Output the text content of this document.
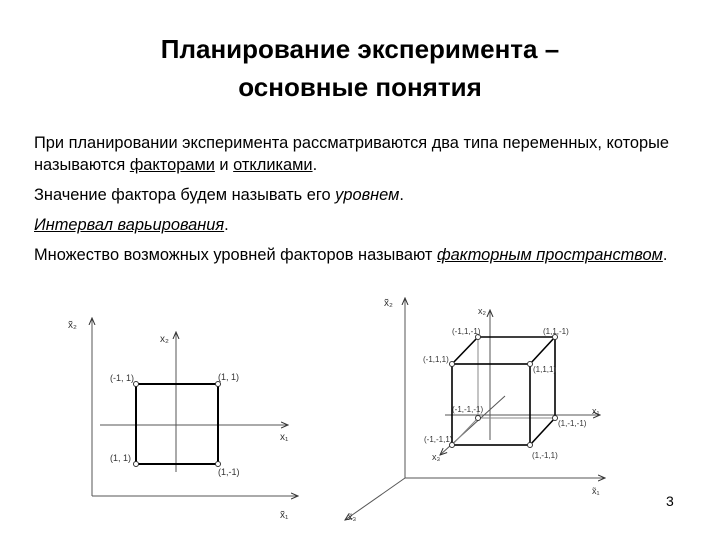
Планирование эксперимента –
основные понятия

При планировании эксперимента рассматриваются два типа переменных, которые называются факторами и откликами.

Значение фактора будем называть его уровнем.

Интервал варьирования.

Множество возможных уровней факторов называют факторным пространством.

x̃₂
x₂
x₁
x̃₁
(-1, 1)	(1, 1)
(1, 1)
(1,-1)
x̃₂
x₂
x₁
x̃₁
x₃
x̃₃
(-1,1,-1)	(1,1,-1)
(-1,1,1)
(1,1,1)
(-1,-1,-1)
(1,-1,-1)
(-1,-1,1)
(1,-1,1)
3
